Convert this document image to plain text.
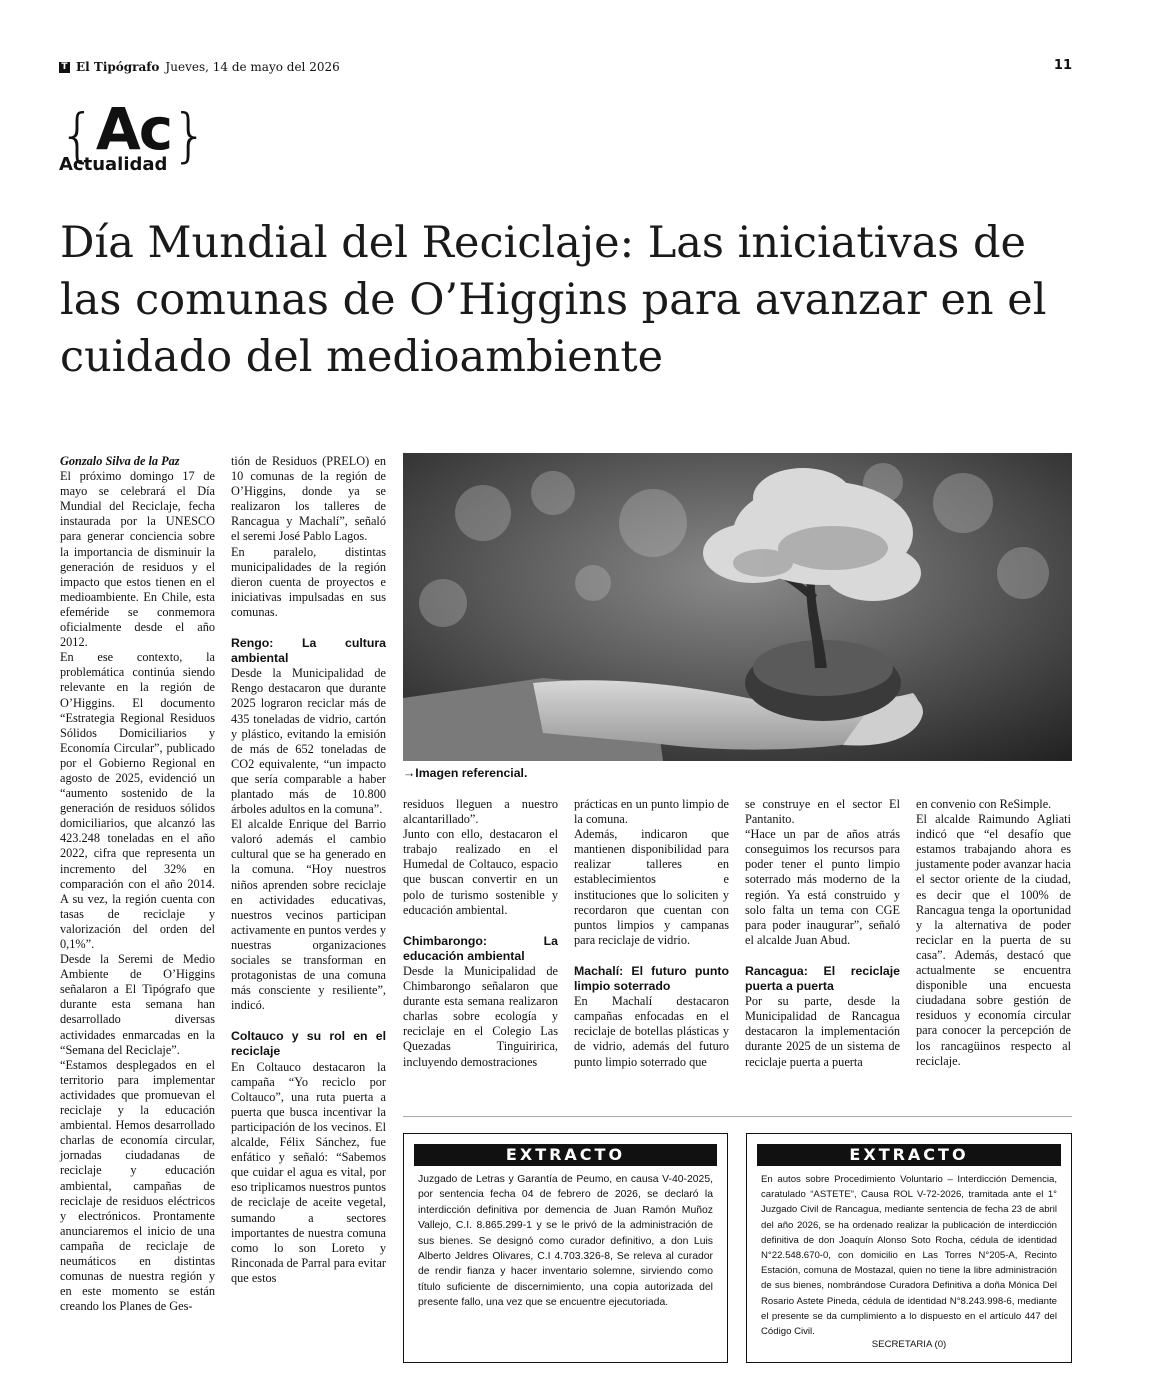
T El Tipógrafo Jueves, 14 de mayo del 2026	11
{Ac}
Actualidad
Día Mundial del Reciclaje: Las iniciativas de las comunas de O’Higgins para avanzar en el cuidado del medioambiente

Gonzalo Silva de la Paz

El próximo domingo 17 de mayo se celebrará el Día Mundial del Reciclaje, fecha instaurada por la UNESCO para generar conciencia sobre la importancia de disminuir la generación de residuos y el impacto que estos tienen en el medioambiente. En Chile, esta efeméride se conmemora oficialmente desde el año 2012.

En ese contexto, la problemática continúa siendo relevante en la región de O’Higgins. El documento “Estrategia Regional Residuos Sólidos Domiciliarios y Economía Circular”, publicado por el Gobierno Regional en agosto de 2025, evidenció un “aumento sostenido de la generación de residuos sólidos domiciliarios, que alcanzó las 423.248 toneladas en el año 2022, cifra que representa un incremento del 32% en comparación con el año 2014. A su vez, la región cuenta con tasas de reciclaje y valorización del orden del 0,1%”.

Desde la Seremi de Medio Ambiente de O’Higgins señalaron a El Tipógrafo que durante esta semana han desarrollado diversas actividades enmarcadas en la “Semana del Reciclaje”.

“Estamos desplegados en el territorio para implementar actividades que promuevan el reciclaje y la educación ambiental. Hemos desarrollado charlas de economía circular, jornadas ciudadanas de reciclaje y educación ambiental, campañas de reciclaje de residuos eléctricos y electrónicos. Prontamente anunciaremos el inicio de una campaña de reciclaje de neumáticos en distintas comunas de nuestra región y en este momento se están creando los Planes de Ges-

tión de Residuos (PRELO) en 10 comunas de la región de O’Higgins, donde ya se realizaron los talleres de Rancagua y Machalí”, señaló el seremi José Pablo Lagos.

En paralelo, distintas municipalidades de la región dieron cuenta de proyectos e iniciativas impulsadas en sus comunas.

Rengo: La cultura ambiental

Desde la Municipalidad de Rengo destacaron que durante 2025 lograron reciclar más de 435 toneladas de vidrio, cartón y plástico, evitando la emisión de más de 652 toneladas de CO2 equivalente, “un impacto que sería comparable a haber plantado más de 10.800 árboles adultos en la comuna”.

El alcalde Enrique del Barrio valoró además el cambio cultural que se ha generado en la comuna. “Hoy nuestros niños aprenden sobre reciclaje en actividades educativas, nuestros vecinos participan activamente en puntos verdes y nuestras organizaciones sociales se transforman en protagonistas de una comuna más consciente y resiliente”, indicó.

Coltauco y su rol en el reciclaje

En Coltauco destacaron la campaña “Yo reciclo por Coltauco”, una ruta puerta a puerta que busca incentivar la participación de los vecinos. El alcalde, Félix Sánchez, fue enfático y señaló: “Sabemos que cuidar el agua es vital, por eso triplicamos nuestros puntos de reciclaje de aceite vegetal, sumando a sectores importantes de nuestra comuna como lo son Loreto y Rinconada de Parral para evitar que estos

→Imagen referencial.

residuos lleguen a nuestro alcantarillado”.

Junto con ello, destacaron el trabajo realizado en el Humedal de Coltauco, espacio que buscan convertir en un polo de turismo sostenible y educación ambiental.

Chimbarongo: La educación ambiental

Desde la Municipalidad de Chimbarongo señalaron que durante esta semana realizaron charlas sobre ecología y reciclaje en el Colegio Las Quezadas Tinguiririca, incluyendo demostraciones

prácticas en un punto limpio de la comuna.

Además, indicaron que mantienen disponibilidad para realizar talleres en establecimientos e instituciones que lo soliciten y recordaron que cuentan con puntos limpios y campanas para reciclaje de vidrio.

Machalí: El futuro punto limpio soterrado

En Machalí destacaron campañas enfocadas en el reciclaje de botellas plásticas y de vidrio, además del futuro punto limpio soterrado que

se construye en el sector El Pantanito.

“Hace un par de años atrás conseguimos los recursos para poder tener el punto limpio soterrado más moderno de la región. Ya está construido y solo falta un tema con CGE para poder inaugurar”, señaló el alcalde Juan Abud.

Rancagua: El reciclaje puerta a puerta

Por su parte, desde la Municipalidad de Rancagua destacaron la implementación durante 2025 de un sistema de reciclaje puerta a puerta

en convenio con ReSimple.

El alcalde Raimundo Agliati indicó que “el desafío que estamos trabajando ahora es justamente poder avanzar hacia el sector oriente de la ciudad, es decir que el 100% de Rancagua tenga la oportunidad y la alternativa de poder reciclar en la puerta de su casa”. Además, destacó que actualmente se encuentra disponible una encuesta ciudadana sobre gestión de residuos y economía circular para conocer la percepción de los rancagüinos respecto al reciclaje.

EXTRACTO
Juzgado de Letras y Garantía de Peumo, en causa V-40-2025, por sentencia fecha 04 de febrero de 2026, se declaró la interdicción definitiva por demencia de Juan Ramón Muñoz Vallejo, C.I. 8.865.299-1 y se le privó de la administración de sus bienes. Se designó como curador definitivo, a don Luis Alberto Jeldres Olivares, C.I 4.703.326-8, Se releva al curador de rendir fianza y hacer inventario solemne, sirviendo como título suficiente de discernimiento, una copia autorizada del presente fallo, una vez que se encuentre ejecutoriada.
EXTRACTO
En autos sobre Procedimiento Voluntario – Interdicción Demencia, caratulado “ASTETE”, Causa ROL V-72-2026, tramitada ante el 1° Juzgado Civil de Rancagua, mediante sentencia de fecha 23 de abril del año 2026, se ha ordenado realizar la publicación de interdicción definitiva de don Joaquín Alonso Soto Rocha, cédula de identidad N°22.548.670-0, con domicilio en Las Torres N°205-A, Recinto Estación, comuna de Mostazal, quien no tiene la libre administración de sus bienes, nombrándose Curadora Definitiva a doña Mónica Del Rosario Astete Pineda, cédula de identidad N°8.243.998-6, mediante el presente se da cumplimiento a lo dispuesto en el artículo 447 del Código Civil.
SECRETARIA (0)
